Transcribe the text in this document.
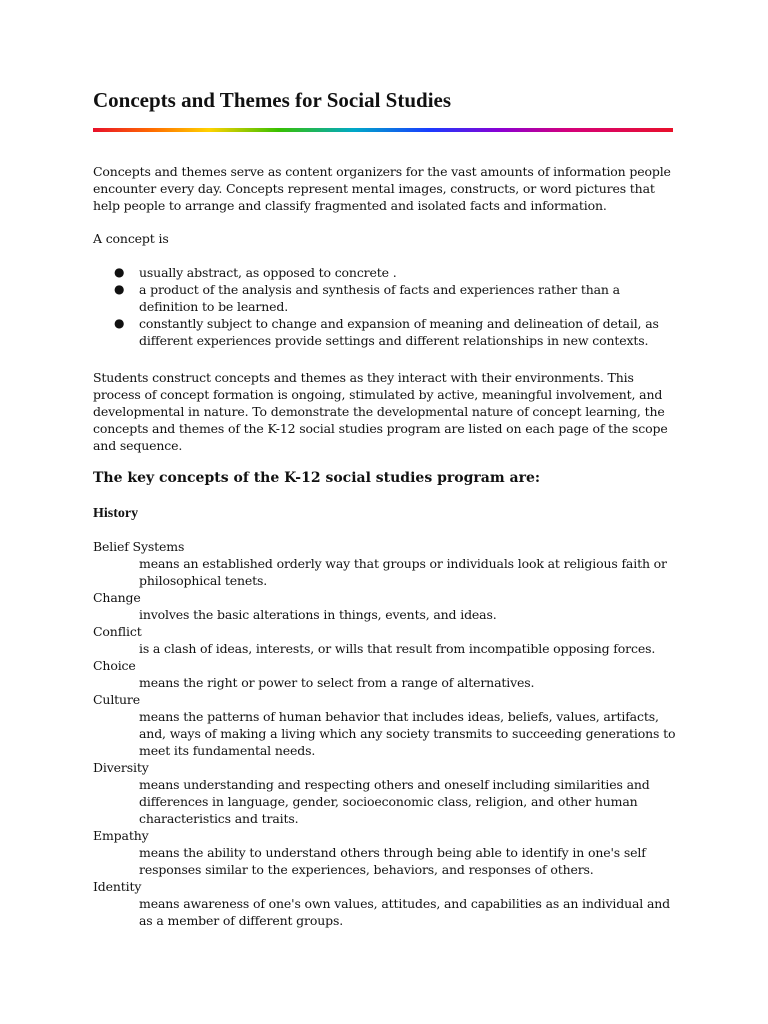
Concepts and Themes for Social Studies

Concepts and themes serve as content organizers for the vast amounts of information people encounter every day. Concepts represent mental images, constructs, or word pictures that help people to arrange and classify fragmented and isolated facts and information.

A concept is

● usually abstract, as opposed to concrete .
● a product of the analysis and synthesis of facts and experiences rather than a definition to be learned.
● constantly subject to change and expansion of meaning and delineation of detail, as different experiences provide settings and different relationships in new contexts.

Students construct concepts and themes as they interact with their environments. This process of concept formation is ongoing, stimulated by active, meaningful involvement, and developmental in nature. To demonstrate the developmental nature of concept learning, the concepts and themes of the K-12 social studies program are listed on each page of the scope and sequence.

The key concepts of the K-12 social studies program are:
History
Belief Systems
means an established orderly way that groups or individuals look at religious faith or philosophical tenets.
Change
involves the basic alterations in things, events, and ideas.
Conflict
is a clash of ideas, interests, or wills that result from incompatible opposing forces.
Choice
means the right or power to select from a range of alternatives.
Culture
means the patterns of human behavior that includes ideas, beliefs, values, artifacts, and, ways of making a living which any society transmits to succeeding generations to meet its fundamental needs.
Diversity
means understanding and respecting others and oneself including similarities and differences in language, gender, socioeconomic class, religion, and other human characteristics and traits.
Empathy
means the ability to understand others through being able to identify in one's self responses similar to the experiences, behaviors, and responses of others.
Identity
means awareness of one's own values, attitudes, and capabilities as an individual and as a member of different groups.
